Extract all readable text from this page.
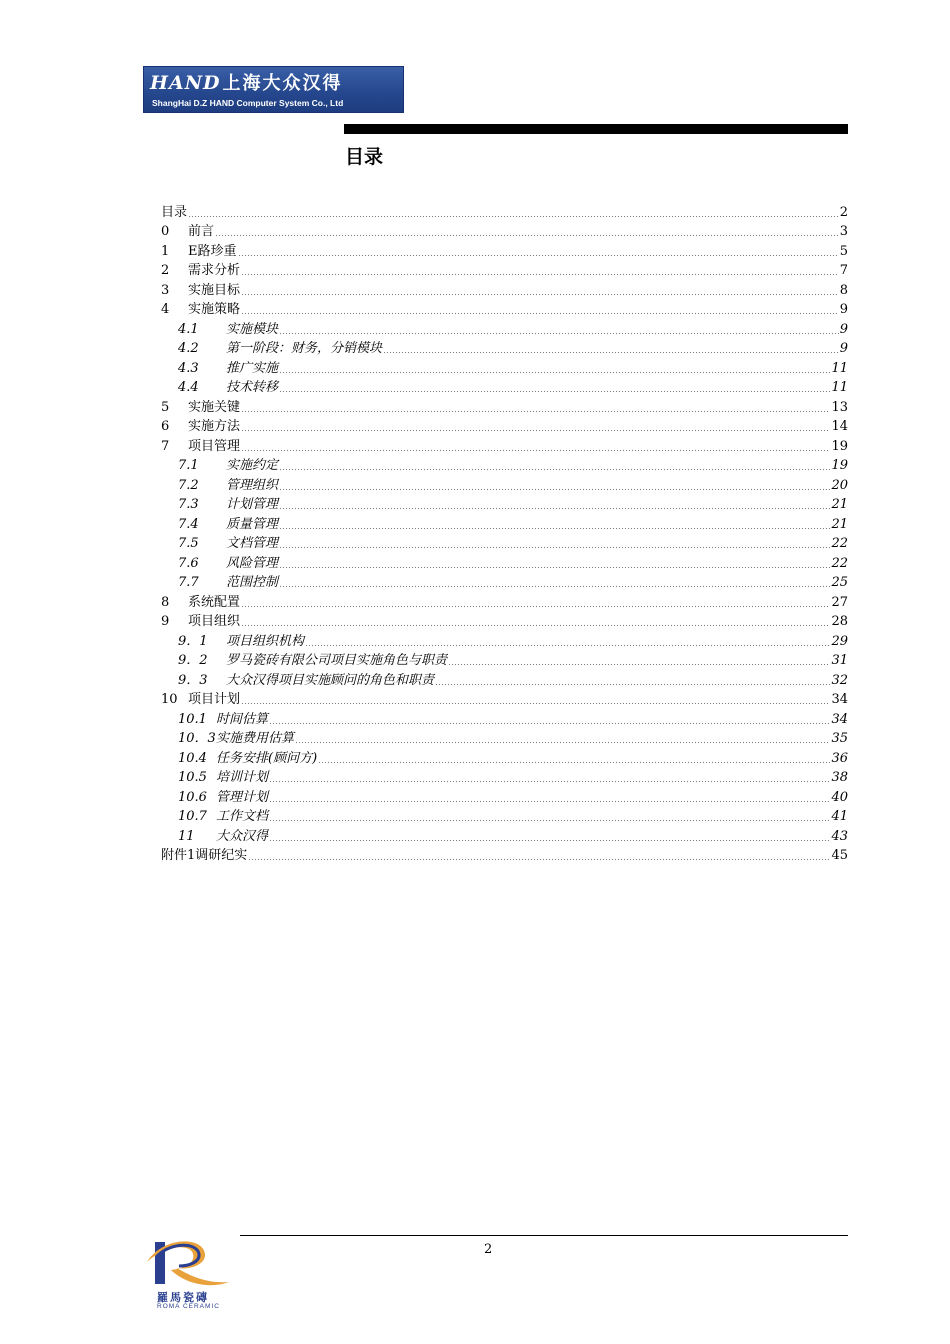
HAND 上海大众汉得
ShangHai D.Z HAND Computer System Co., Ltd
目录
目录	2
0 前言	3
1 E路珍重	5
2 需求分析	7
3 实施目标	8
4 实施策略	9
4.1 实施模块	9
4.2 第一阶段：财务，分销模块	9
4.3 推广实施	11
4.4 技术转移	11
5 实施关键	13
6 实施方法	14
7 项目管理	19
7.1 实施约定	19
7.2 管理组织	20
7.3 计划管理	21
7.4 质量管理	21
7.5 文档管理	22
7.6 风险管理	22
7.7 范围控制	25
8 系统配置	27
9 项目组织	28
9．1 项目组织机构	29
9．2 罗马瓷砖有限公司项目实施角色与职责	31
9．3 大众汉得项目实施顾问的角色和职责	32
10 项目计划	34
10.1 时间估算	34
10．3实施费用估算	35
10.4 任务安排(顾问方)	36
10.5 培训计划	38
10.6 管理计划	40
10.7 工作文档	41
11 大众汉得	43
附件1调研纪实	45
2
羅馬瓷磚
ROMA CERAMIC
